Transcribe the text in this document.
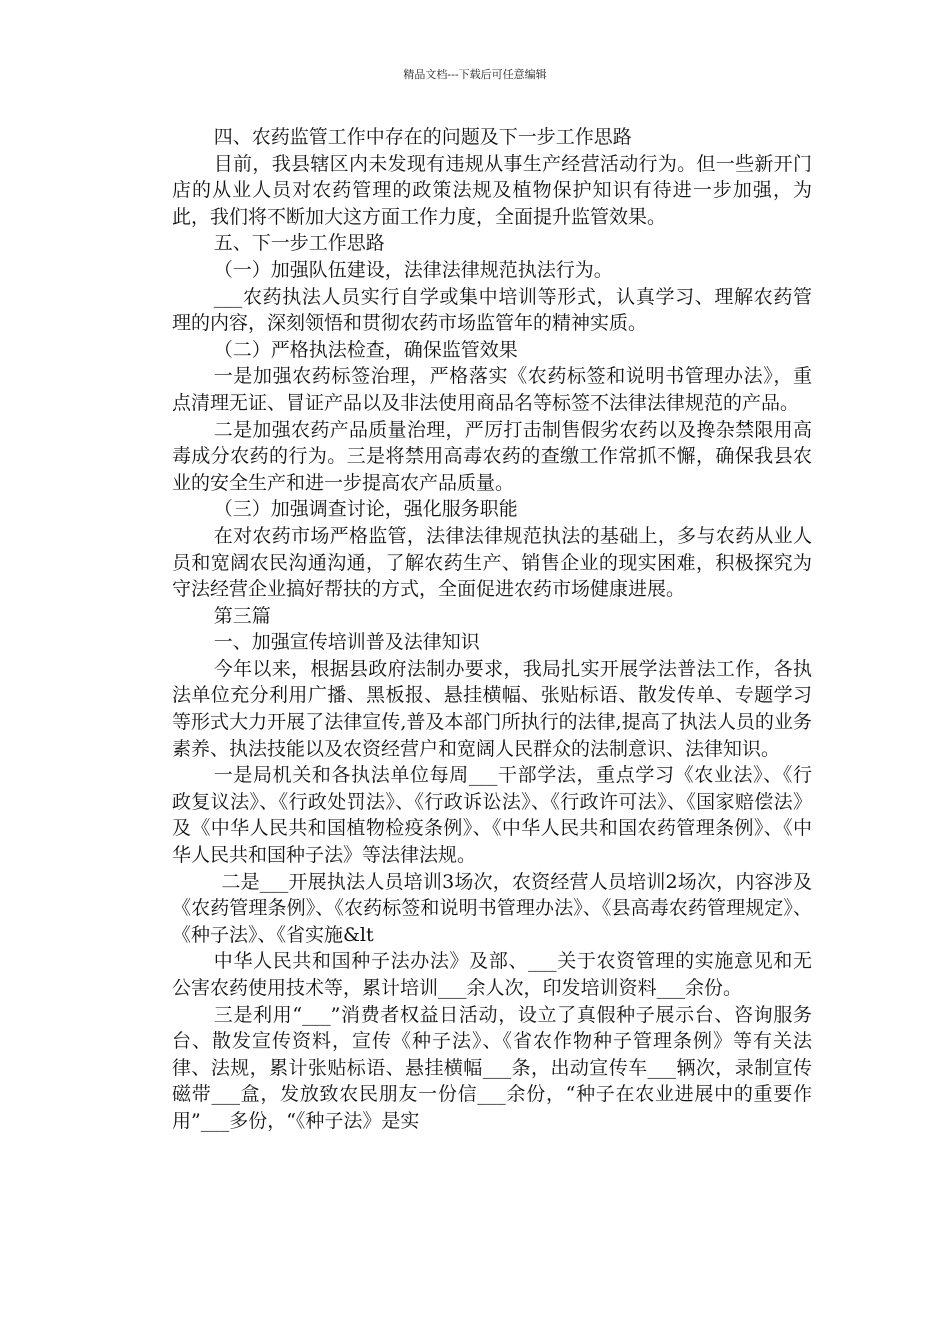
精品文档---下载后可任意编辑

四、农药监管工作中存在的问题及下一步工作思路

目前，我县辖区内未发现有违规从事生产经营活动行为。但一些新开门店的从业人员对农药管理的政策法规及植物保护知识有待进一步加强，为此，我们将不断加大这方面工作力度，全面提升监管效果。

五、下一步工作思路

（一）加强队伍建设，法律法律规范执法行为。

___农药执法人员实行自学或集中培训等形式，认真学习、理解农药管理的内容，深刻领悟和贯彻农药市场监管年的精神实质。

（二）严格执法检查，确保监管效果

一是加强农药标签治理，严格落实《农药标签和说明书管理办法》，重点清理无证、冒证产品以及非法使用商品名等标签不法律法律规范的产品。

二是加强农药产品质量治理，严厉打击制售假劣农药以及搀杂禁限用高毒成分农药的行为。三是将禁用高毒农药的查缴工作常抓不懈，确保我县农业的安全生产和进一步提高农产品质量。

（三）加强调查讨论，强化服务职能

在对农药市场严格监管，法律法律规范执法的基础上，多与农药从业人员和宽阔农民沟通沟通，了解农药生产、销售企业的现实困难，积极探究为守法经营企业搞好帮扶的方式，全面促进农药市场健康进展。

第三篇

一、加强宣传培训普及法律知识

今年以来，根据县政府法制办要求，我局扎实开展学法普法工作，各执法单位充分利用广播、黑板报、悬挂横幅、张贴标语、散发传单、专题学习等形式大力开展了法律宣传,普及本部门所执行的法律,提高了执法人员的业务素养、执法技能以及农资经营户和宽阔人民群众的法制意识、法律知识。

一是局机关和各执法单位每周___干部学法，重点学习《农业法》、《行政复议法》、《行政处罚法》、《行政诉讼法》、《行政许可法》、《国家赔偿法》及《中华人民共和国植物检疫条例》、《中华人民共和国农药管理条例》、《中华人民共和国种子法》等法律法规。

二是___开展执法人员培训3场次，农资经营人员培训2场次，内容涉及《农药管理条例》、《农药标签和说明书管理办法》、《县高毒农药管理规定》、《种子法》、《省实施&lt

中华人民共和国种子法办法》及部、___关于农资管理的实施意见和无公害农药使用技术等，累计培训___余人次，印发培训资料___余份。

三是利用“___”消费者权益日活动，设立了真假种子展示台、咨询服务台、散发宣传资料，宣传《种子法》、《省农作物种子管理条例》等有关法律、法规，累计张贴标语、悬挂横幅___条，出动宣传车___辆次，录制宣传磁带___盒，发放致农民朋友一份信___余份，“种子在农业进展中的重要作用”___多份，“《种子法》是实
